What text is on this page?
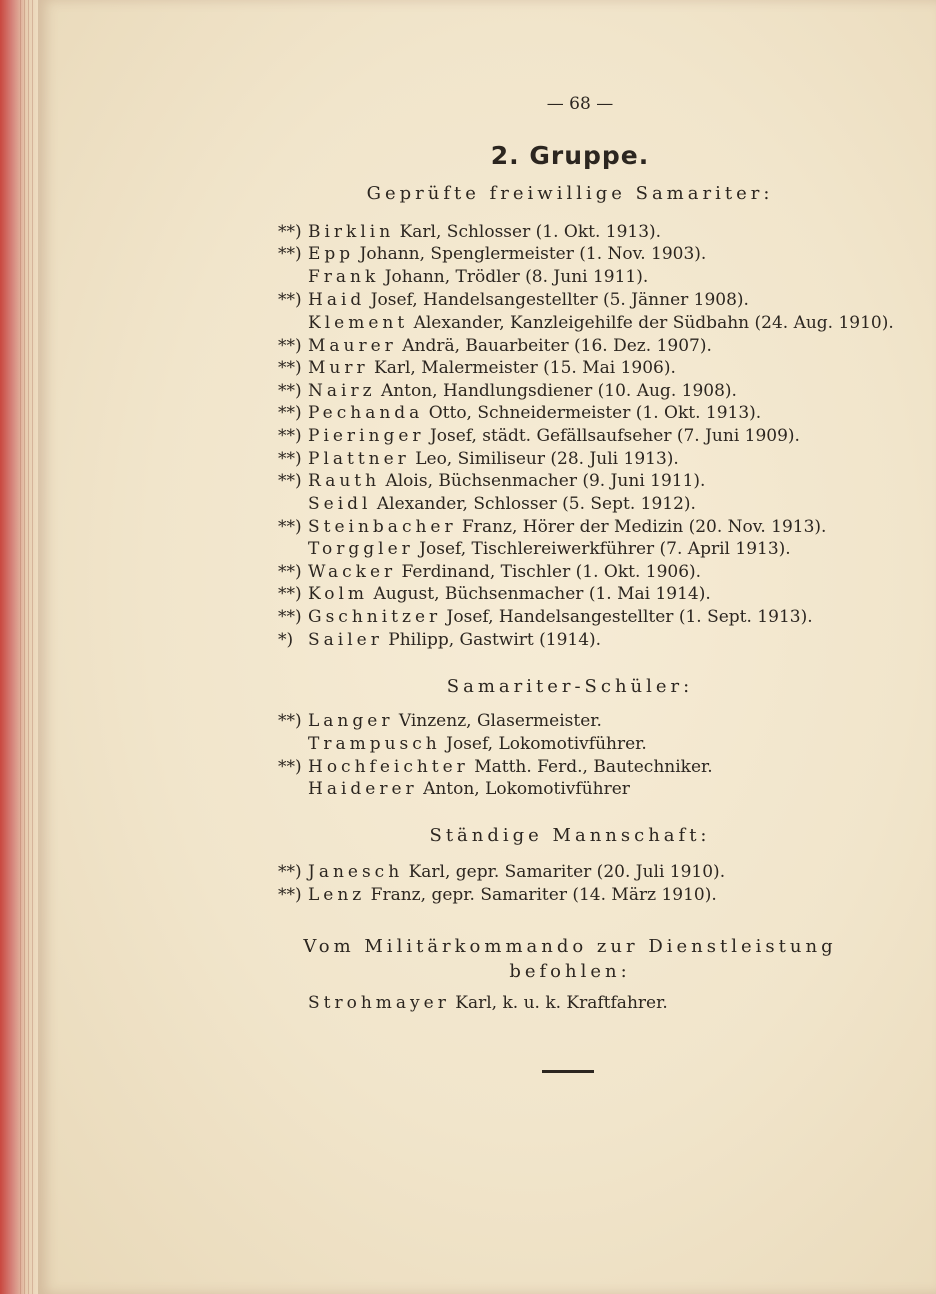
— 68 —
2. Gruppe.
Geprüfte freiwillige Samariter:
**) Birklin Karl, Schlosser (1. Okt. 1913).
**) Epp Johann, Spenglermeister (1. Nov. 1903).
Frank Johann, Trödler (8. Juni 1911).
**) Haid Josef, Handelsangestellter (5. Jänner 1908).
Klement Alexander, Kanzleigehilfe der Südbahn (24. Aug. 1910).
**) Maurer Andrä, Bauarbeiter (16. Dez. 1907).
**) Murr Karl, Malermeister (15. Mai 1906).
**) Nairz Anton, Handlungsdiener (10. Aug. 1908).
**) Pechanda Otto, Schneidermeister (1. Okt. 1913).
**) Pieringer Josef, städt. Gefällsaufseher (7. Juni 1909).
**) Plattner Leo, Similiseur (28. Juli 1913).
**) Rauth Alois, Büchsenmacher (9. Juni 1911).
Seidl Alexander, Schlosser (5. Sept. 1912).
**) Steinbacher Franz, Hörer der Medizin (20. Nov. 1913).
Torggler Josef, Tischlereiwerkführer (7. April 1913).
**) Wacker Ferdinand, Tischler (1. Okt. 1906).
**) Kolm August, Büchsenmacher (1. Mai 1914).
**) Gschnitzer Josef, Handelsangestellter (1. Sept. 1913).
*) Sailer Philipp, Gastwirt (1914).
Samariter-Schüler:
**) Langer Vinzenz, Glasermeister.
Trampusch Josef, Lokomotivführer.
**) Hochfeichter Matth. Ferd., Bautechniker.
Haiderer Anton, Lokomotivführer
Ständige Mannschaft:
**) Janesch Karl, gepr. Samariter (20. Juli 1910).
**) Lenz Franz, gepr. Samariter (14. März 1910).
Vom Militärkommando zur Dienstleistung befohlen:
Strohmayer Karl, k. u. k. Kraftfahrer.
